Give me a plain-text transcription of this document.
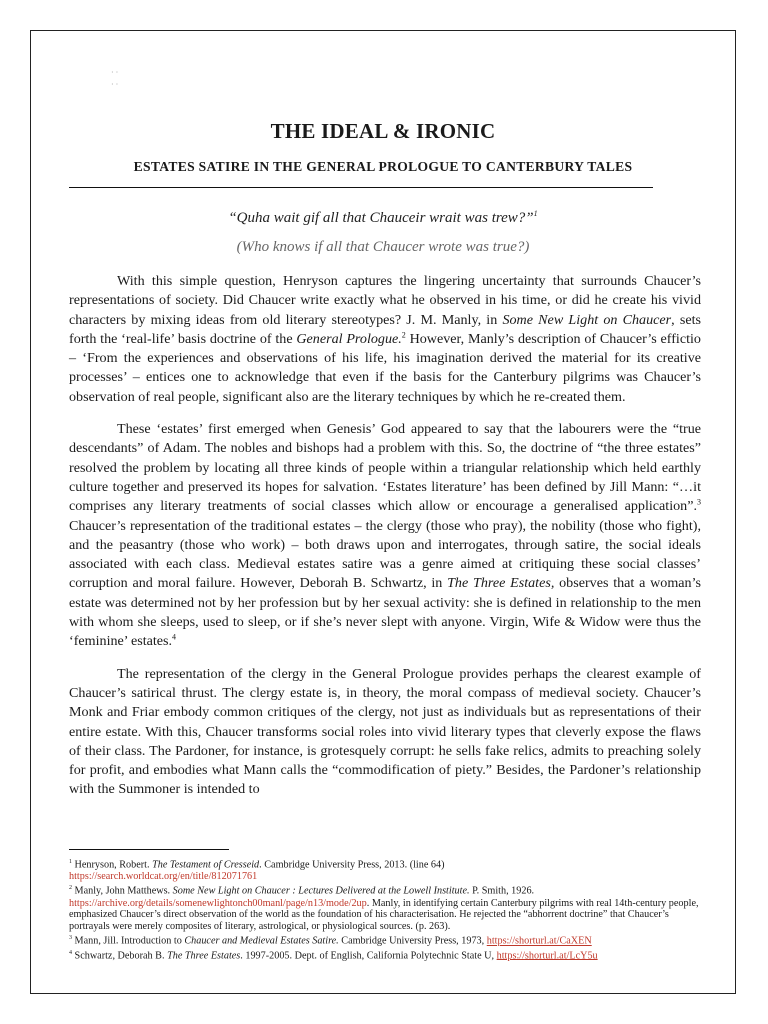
· ·
· ·
THE IDEAL & IRONIC
ESTATES SATIRE IN THE GENERAL PROLOGUE TO CANTERBURY TALES
“Quha wait gif all that Chauceir wrait was trew?”$^1$
(Who knows if all that Chaucer wrote was true?)

With this simple question, Henryson captures the lingering uncertainty that surrounds Chaucer’s representations of society. Did Chaucer write exactly what he observed in his time, or did he create his vivid characters by mixing ideas from old literary stereotypes? J. M. Manly, in Some New Light on Chaucer, sets forth the ‘real-life’ basis doctrine of the General Prologue.$^2$ However, Manly’s description of Chaucer’s effictio – ‘From the experiences and observations of his life, his imagination derived the material for its creative processes’ – entices one to acknowledge that even if the basis for the Canterbury pilgrims was Chaucer’s observation of real people, significant also are the literary techniques by which he re-created them.

These ‘estates’ first emerged when Genesis’ God appeared to say that the labourers were the “true descendants” of Adam. The nobles and bishops had a problem with this. So, the doctrine of “the three estates” resolved the problem by locating all three kinds of people within a triangular relationship which held earthly culture together and preserved its hopes for salvation. ‘Estates literature’ has been defined by Jill Mann: “…it comprises any literary treatments of social classes which allow or encourage a generalised application”.$^3$ Chaucer’s representation of the traditional estates – the clergy (those who pray), the nobility (those who fight), and the peasantry (those who work) – both draws upon and interrogates, through satire, the social ideals associated with each class. Medieval estates satire was a genre aimed at critiquing these social classes’ corruption and moral failure. However, Deborah B. Schwartz, in The Three Estates, observes that a woman’s estate was determined not by her profession but by her sexual activity: she is defined in relationship to the men with whom she sleeps, used to sleep, or if she’s never slept with anyone. Virgin, Wife & Widow were thus the ‘feminine’ estates.$^4$

The representation of the clergy in the General Prologue provides perhaps the clearest example of Chaucer’s satirical thrust. The clergy estate is, in theory, the moral compass of medieval society. Chaucer’s Monk and Friar embody common critiques of the clergy, not just as individuals but as representations of their entire estate. With this, Chaucer transforms social roles into vivid literary types that cleverly expose the flaws of their class. The Pardoner, for instance, is grotesquely corrupt: he sells fake relics, admits to preaching solely for profit, and embodies what Mann calls the “commodification of piety.” Besides, the Pardoner’s relationship with the Summoner is intended to

$^1$ Henryson, Robert. The Testament of Cresseid. Cambridge University Press, 2013. (line 64)
https://search.worldcat.org/en/title/812071761

$^2$ Manly, John Matthews. Some New Light on Chaucer : Lectures Delivered at the Lowell Institute. P. Smith, 1926.
https://archive.org/details/somenewlightonch00manl/page/n13/mode/2up. Manly, in identifying certain Canterbury pilgrims with real 14th-century people, emphasized Chaucer’s direct observation of the world as the foundation of his characterisation. He rejected the “abhorrent doctrine” that Chaucer’s portrayals were merely composites of literary, astrological, or physiological sources. (p. 263).

$^3$ Mann, Jill. Introduction to Chaucer and Medieval Estates Satire. Cambridge University Press, 1973, https://shorturl.at/CaXEN

$^4$ Schwartz, Deborah B. The Three Estates. 1997-2005. Dept. of English, California Polytechnic State U, https://shorturl.at/LcY5u
